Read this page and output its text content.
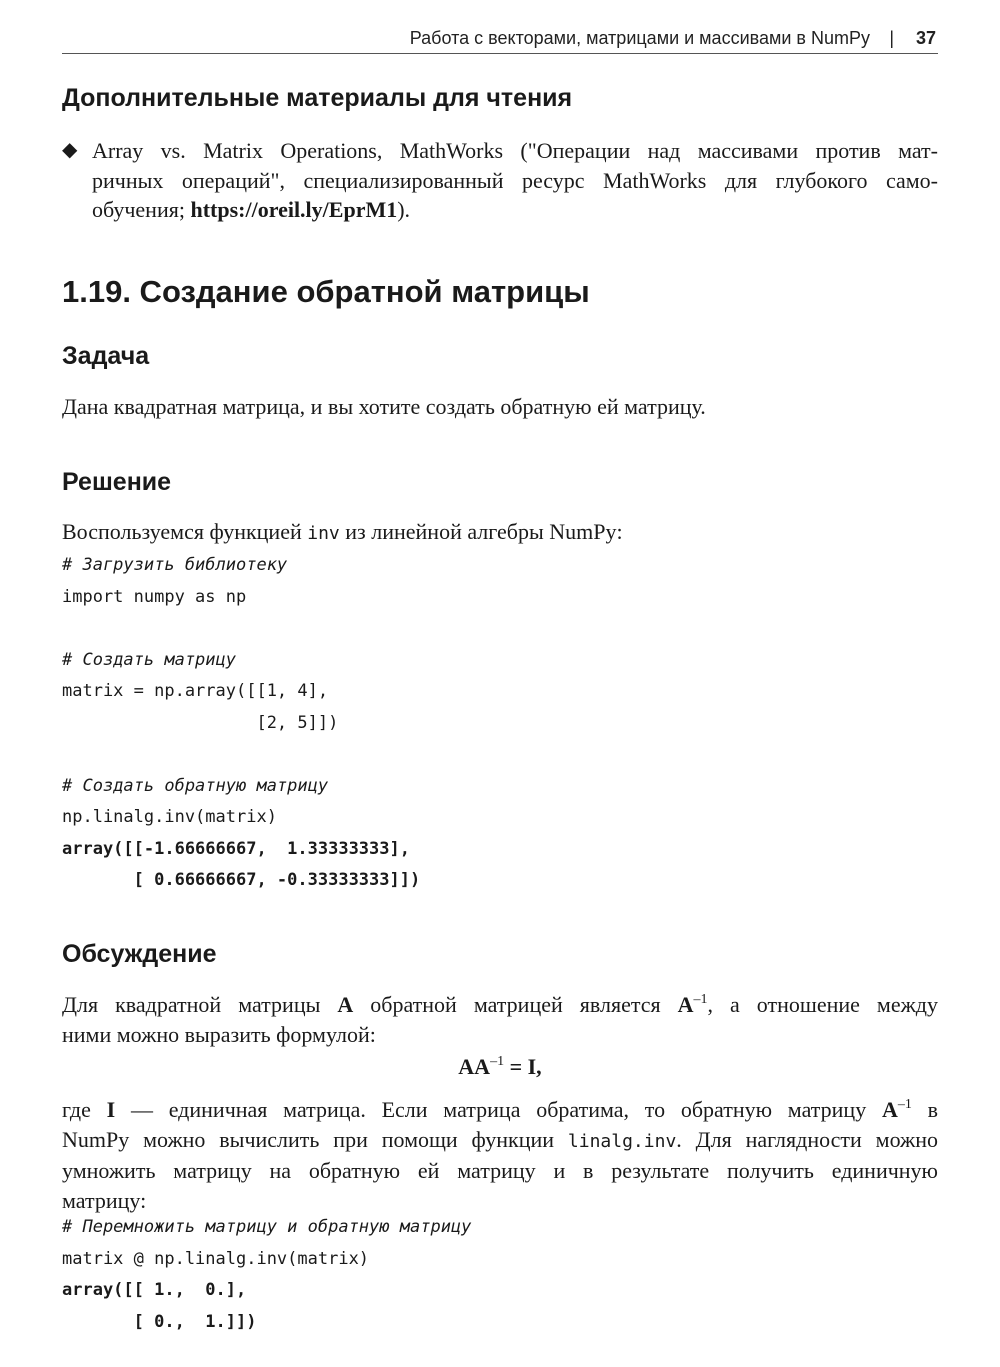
Работа с векторами, матрицами и массивами в NumPy | 37
Дополнительные материалы для чтения
◆ Array vs. Matrix Operations, MathWorks ("Операции над массивами против мат-
ричных операций", специализированный ресурс MathWorks для глубокого само-
обучения; https://oreil.ly/EprM1).
1.19. Создание обратной матрицы
Задача
Дана квадратная матрица, и вы хотите создать обратную ей матрицу.
Решение
Воспользуемся функцией inv из линейной алгебры NumPy:
# Загрузить библиотеку
import numpy as np

# Создать матрицу
matrix = np.array([[1, 4],
[2, 5]])

# Создать обратную матрицу
np.linalg.inv(matrix)
array([[-1.66666667,  1.33333333],
[ 0.66666667, -0.33333333]])
Обсуждение
Для квадратной матрицы A обратной матрицей является $A^{-1}$, а отношение между
ними можно выразить формулой:
$AA^{-1} = I$,
где I — единичная матрица. Если матрица обратима, то обратную матрицу $A^{-1}$ в
NumPy можно вычислить при помощи функции linalg.inv. Для наглядности можно
умножить матрицу на обратную ей матрицу и в результате получить единичную
матрицу:
# Перемножить матрицу и обратную матрицу
matrix @ np.linalg.inv(matrix)
array([[ 1.,  0.],
[ 0.,  1.]])
